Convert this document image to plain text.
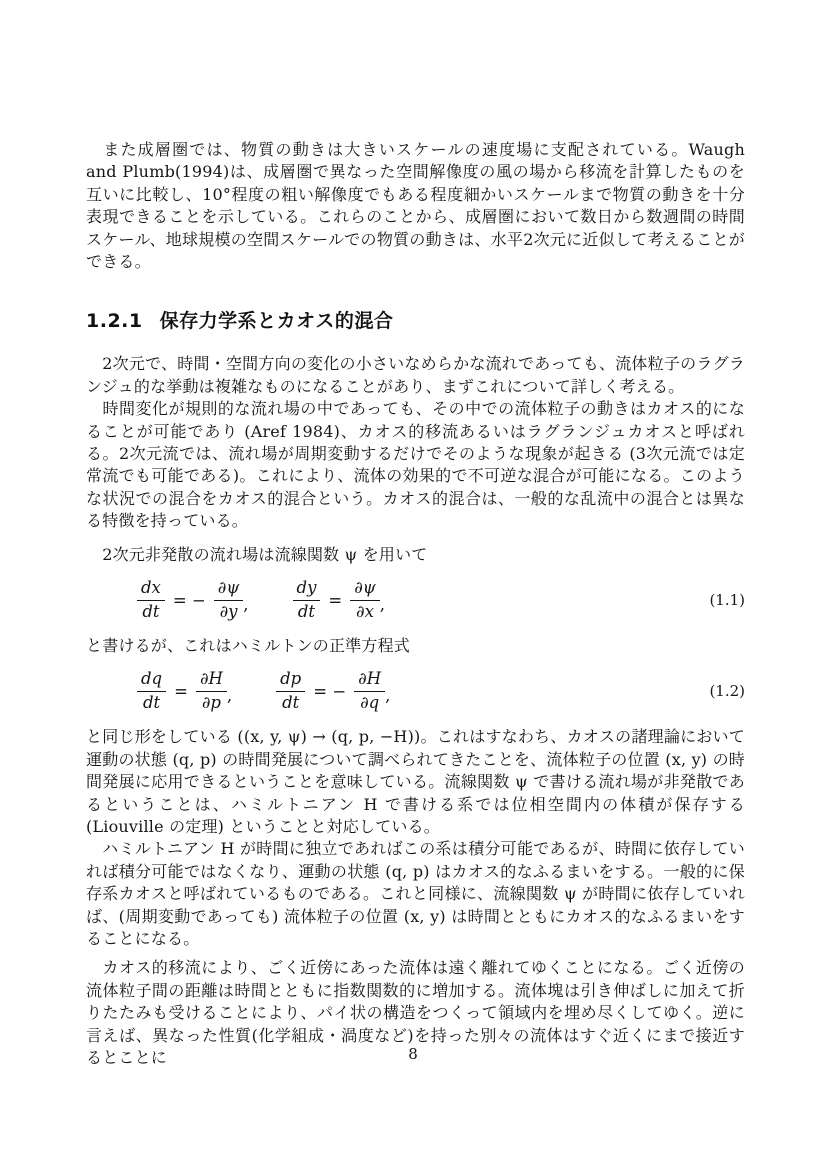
　また成層圏では、物質の動きは大きいスケールの速度場に支配されている。Waugh and Plumb(1994)は、成層圏で異なった空間解像度の風の場から移流を計算したものを互いに比較し、10°程度の粗い解像度でもある程度細かいスケールまで物質の動きを十分表現できることを示している。これらのことから、成層圏において数日から数週間の時間スケール、地球規模の空間スケールでの物質の動きは、水平2次元に近似して考えることができる。

1.2.1 保存力学系とカオス的混合

　2次元で、時間・空間方向の変化の小さいなめらかな流れであっても、流体粒子のラグランジュ的な挙動は複雑なものになることがあり、まずこれについて詳しく考える。

　時間変化が規則的な流れ場の中であっても、その中での流体粒子の動きはカオス的になることが可能であり (Aref 1984)、カオス的移流あるいはラグランジュカオスと呼ばれる。2次元流では、流れ場が周期変動するだけでそのような現象が起きる (3次元流では定常流でも可能である)。これにより、流体の効果的で不可逆な混合が可能になる。このような状況での混合をカオス的混合という。カオス的混合は、一般的な乱流中の混合とは異なる特徴を持っている。

　2次元非発散の流れ場は流線関数 ψ を用いて

$\frac{dx}{dt}$ = − $\frac{\partial\psi}{\partial y}$ ,	$\frac{dy}{dt} = \frac{\partial\psi}{\partial x}$ ,	(1.1)

と書けるが、これはハミルトンの正準方程式

$\frac{dq}{dt} = \frac{\partial H}{\partial p}$ ,	$\frac{dp}{dt}$ = − $\frac{\partial H}{\partial q}$ ,	(1.2)

と同じ形をしている ((x, y, ψ) → (q, p, −H))。これはすなわち、カオスの諸理論において運動の状態 (q, p) の時間発展について調べられてきたことを、流体粒子の位置 (x, y) の時間発展に応用できるということを意味している。流線関数 ψ で書ける流れ場が非発散であるということは、ハミルトニアン H で書ける系では位相空間内の体積が保存する (Liouville の定理) ということと対応している。

　ハミルトニアン H が時間に独立であればこの系は積分可能であるが、時間に依存していれば積分可能ではなくなり、運動の状態 (q, p) はカオス的なふるまいをする。一般的に保存系カオスと呼ばれているものである。これと同様に、流線関数 ψ が時間に依存していれば、(周期変動であっても) 流体粒子の位置 (x, y) は時間とともにカオス的なふるまいをすることになる。

　カオス的移流により、ごく近傍にあった流体は遠く離れてゆくことになる。ごく近傍の流体粒子間の距離は時間とともに指数関数的に増加する。流体塊は引き伸ばしに加えて折りたたみも受けることにより、パイ状の構造をつくって領域内を埋め尽くしてゆく。逆に言えば、異なった性質(化学組成・渦度など)を持った別々の流体はすぐ近くにまで接近するとことに	8
